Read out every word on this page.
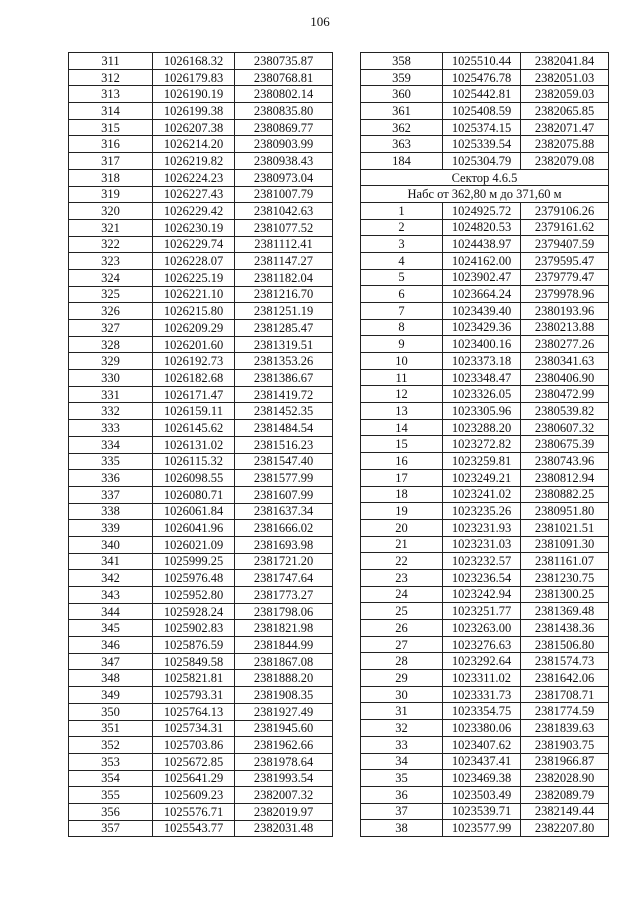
106
311	1026168.32	2380735.87
312	1026179.83	2380768.81
313	1026190.19	2380802.14
314	1026199.38	2380835.80
315	1026207.38	2380869.77
316	1026214.20	2380903.99
317	1026219.82	2380938.43
318	1026224.23	2380973.04
319	1026227.43	2381007.79
320	1026229.42	2381042.63
321	1026230.19	2381077.52
322	1026229.74	2381112.41
323	1026228.07	2381147.27
324	1026225.19	2381182.04
325	1026221.10	2381216.70
326	1026215.80	2381251.19
327	1026209.29	2381285.47
328	1026201.60	2381319.51
329	1026192.73	2381353.26
330	1026182.68	2381386.67
331	1026171.47	2381419.72
332	1026159.11	2381452.35
333	1026145.62	2381484.54
334	1026131.02	2381516.23
335	1026115.32	2381547.40
336	1026098.55	2381577.99
337	1026080.71	2381607.99
338	1026061.84	2381637.34
339	1026041.96	2381666.02
340	1026021.09	2381693.98
341	1025999.25	2381721.20
342	1025976.48	2381747.64
343	1025952.80	2381773.27
344	1025928.24	2381798.06
345	1025902.83	2381821.98
346	1025876.59	2381844.99
347	1025849.58	2381867.08
348	1025821.81	2381888.20
349	1025793.31	2381908.35
350	1025764.13	2381927.49
351	1025734.31	2381945.60
352	1025703.86	2381962.66
353	1025672.85	2381978.64
354	1025641.29	2381993.54
355	1025609.23	2382007.32
356	1025576.71	2382019.97
357	1025543.77	2382031.48
358	1025510.44	2382041.84
359	1025476.78	2382051.03
360	1025442.81	2382059.03
361	1025408.59	2382065.85
362	1025374.15	2382071.47
363	1025339.54	2382075.88
184	1025304.79	2382079.08
Сектор 4.6.5		
Набс от 362,80 м до 371,60 м		
1	1024925.72	2379106.26
2	1024820.53	2379161.62
3	1024438.97	2379407.59
4	1024162.00	2379595.47
5	1023902.47	2379779.47
6	1023664.24	2379978.96
7	1023439.40	2380193.96
8	1023429.36	2380213.88
9	1023400.16	2380277.26
10	1023373.18	2380341.63
11	1023348.47	2380406.90
12	1023326.05	2380472.99
13	1023305.96	2380539.82
14	1023288.20	2380607.32
15	1023272.82	2380675.39
16	1023259.81	2380743.96
17	1023249.21	2380812.94
18	1023241.02	2380882.25
19	1023235.26	2380951.80
20	1023231.93	2381021.51
21	1023231.03	2381091.30
22	1023232.57	2381161.07
23	1023236.54	2381230.75
24	1023242.94	2381300.25
25	1023251.77	2381369.48
26	1023263.00	2381438.36
27	1023276.63	2381506.80
28	1023292.64	2381574.73
29	1023311.02	2381642.06
30	1023331.73	2381708.71
31	1023354.75	2381774.59
32	1023380.06	2381839.63
33	1023407.62	2381903.75
34	1023437.41	2381966.87
35	1023469.38	2382028.90
36	1023503.49	2382089.79
37	1023539.71	2382149.44
38	1023577.99	2382207.80
